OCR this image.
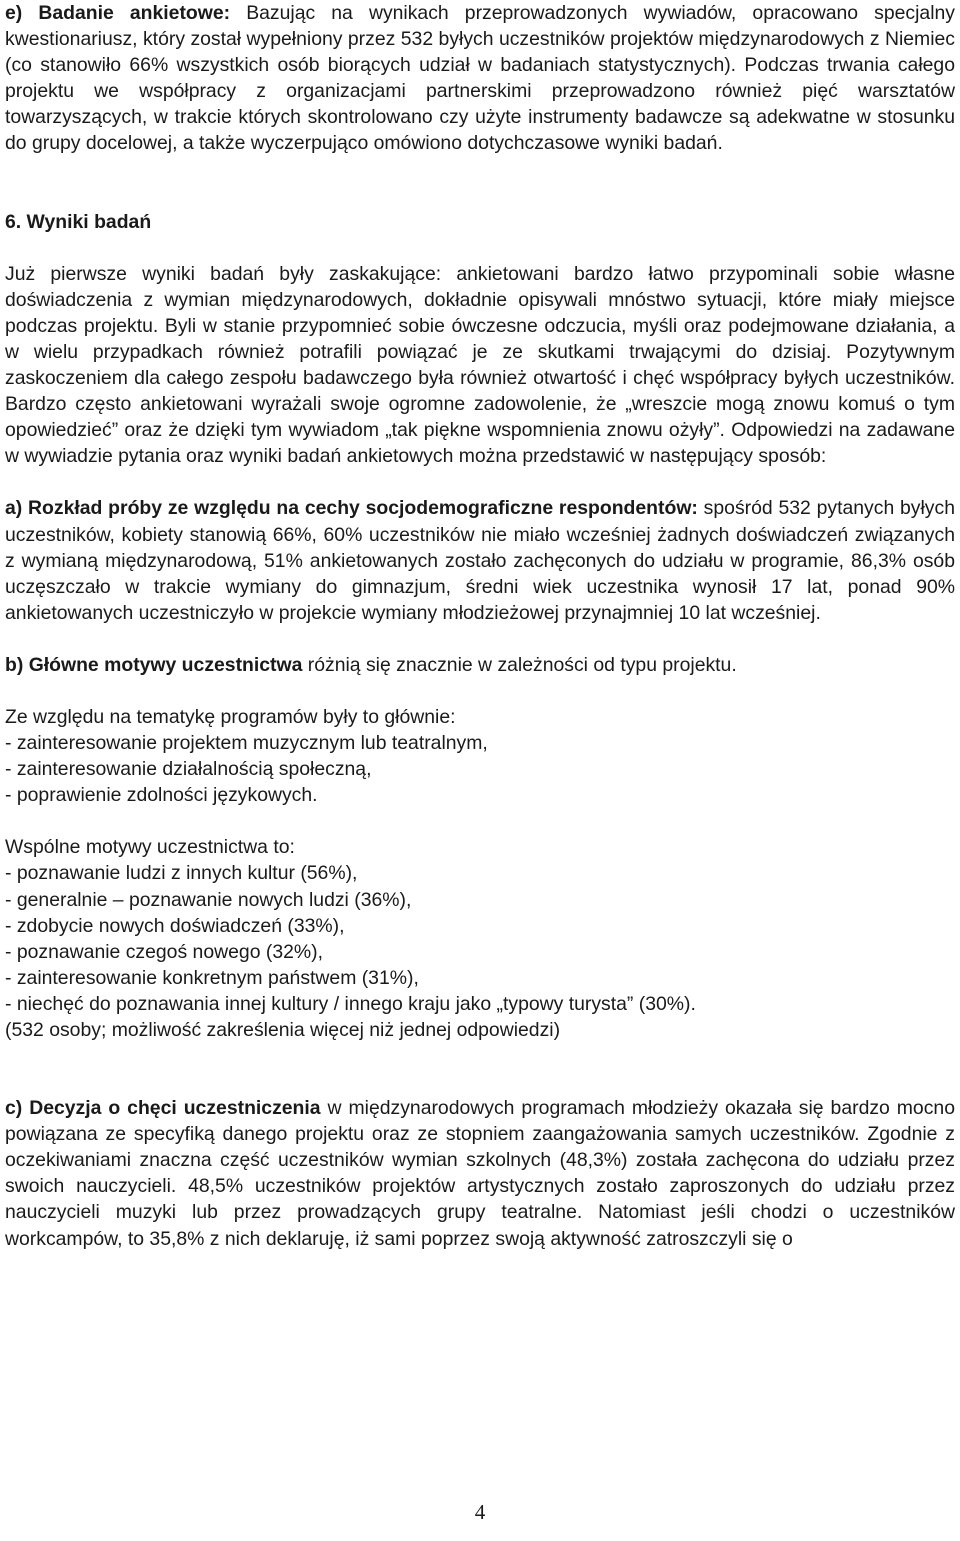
e) Badanie ankietowe: Bazując na wynikach przeprowadzonych wywiadów, opracowano specjalny kwestionariusz, który został wypełniony przez 532 byłych uczestników projektów międzynarodowych z Niemiec (co stanowiło 66% wszystkich osób biorących udział w badaniach statystycznych). Podczas trwania całego projektu we współpracy z organizacjami partnerskimi przeprowadzono również pięć warsztatów towarzyszących, w trakcie których skontrolowano czy użyte instrumenty badawcze są adekwatne w stosunku do grupy docelowej, a także wyczerpująco omówiono dotychczasowe wyniki badań.

6. Wyniki badań

Już pierwsze wyniki badań były zaskakujące: ankietowani bardzo łatwo przypominali sobie własne doświadczenia z wymian międzynarodowych, dokładnie opisywali mnóstwo sytuacji, które miały miejsce podczas projektu. Byli w stanie przypomnieć sobie ówczesne odczucia, myśli oraz podejmowane działania, a w wielu przypadkach również potrafili powiązać je ze skutkami trwającymi do dzisiaj. Pozytywnym zaskoczeniem dla całego zespołu badawczego była również otwartość i chęć współpracy byłych uczestników. Bardzo często ankietowani wyrażali swoje ogromne zadowolenie, że „wreszcie mogą znowu komuś o tym opowiedzieć” oraz że dzięki tym wywiadom „tak piękne wspomnienia znowu ożyły”. Odpowiedzi na zadawane w wywiadzie pytania oraz wyniki badań ankietowych można przedstawić w następujący sposób:

a) Rozkład próby ze względu na cechy socjodemograficzne respondentów: spośród 532 pytanych byłych uczestników, kobiety stanowią 66%, 60% uczestników nie miało wcześniej żadnych doświadczeń związanych z wymianą międzynarodową, 51% ankietowanych zostało zachęconych do udziału w programie, 86,3% osób uczęszczało w trakcie wymiany do gimnazjum, średni wiek uczestnika wynosił 17 lat, ponad 90% ankietowanych uczestniczyło w projekcie wymiany młodzieżowej przynajmniej 10 lat wcześniej.

b) Główne motywy uczestnictwa różnią się znacznie w zależności od typu projektu.

Ze względu na tematykę programów były to głównie:

- zainteresowanie projektem muzycznym lub teatralnym,
- zainteresowanie działalnością społeczną,
- poprawienie zdolności językowych.

Wspólne motywy uczestnictwa to:

- poznawanie ludzi z innych kultur (56%),
- generalnie – poznawanie nowych ludzi (36%),
- zdobycie nowych doświadczeń (33%),
- poznawanie czegoś nowego (32%),
- zainteresowanie konkretnym państwem (31%),
- niechęć do poznawania innej kultury / innego kraju jako „typowy turysta” (30%).
(532 osoby; możliwość zakreślenia więcej niż jednej odpowiedzi)

c) Decyzja o chęci uczestniczenia w międzynarodowych programach młodzieży okazała się bardzo mocno powiązana ze specyfiką danego projektu oraz ze stopniem zaangażowania samych uczestników. Zgodnie z oczekiwaniami znaczna część uczestników wymian szkolnych (48,3%) została zachęcona do udziału przez swoich nauczycieli. 48,5% uczestników projektów artystycznych zostało zaproszonych do udziału przez nauczycieli muzyki lub przez prowadzących grupy teatralne. Natomiast jeśli chodzi o uczestników workcampów, to 35,8% z nich deklaruję, iż sami poprzez swoją aktywność zatroszczyli się o

4
